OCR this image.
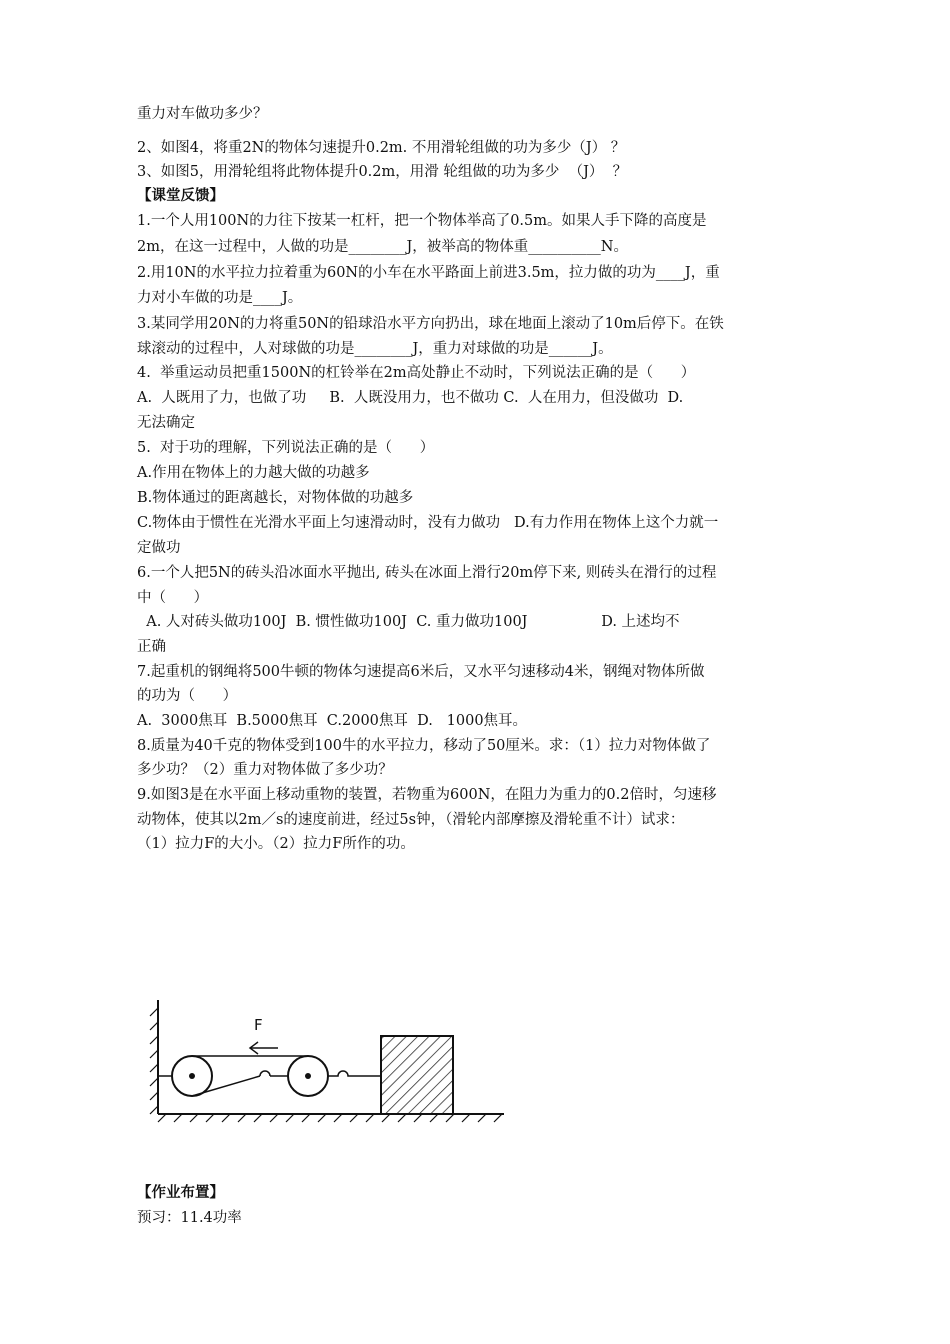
重力对车做功多少？
2、如图4，将重2N的物体匀速提升0.2m. 不用滑轮组做的功为多少（J） ？
3、如图5，用滑轮组将此物体提升0.2m，用滑 轮组做的功为多少  （J）  ？
【课堂反馈】
1.一个人用100N的力往下按某一杠杆，把一个物体举高了0.5m。如果人手下降的高度是
2m，在这一过程中，人做的功是________J，被举高的物体重__________N。
2.用10N的水平拉力拉着重为60N的小车在水平路面上前进3.5m，拉力做的功为____J，重
力对小车做的功是____J。
3.某同学用20N的力将重50N的铅球沿水平方向扔出，球在地面上滚动了10m后停下。在铁
球滚动的过程中，人对球做的功是________J，重力对球做的功是______J。
4.  举重运动员把重1500N的杠铃举在2m高处静止不动时，下列说法正确的是（      ）
A.  人既用了力，也做了功     B.  人既没用力，也不做功 C.  人在用力，但没做功  D.
无法确定
5.  对于功的理解，下列说法正确的是（      ）
A.作用在物体上的力越大做的功越多
B.物体通过的距离越长，对物体做的功越多
C.物体由于惯性在光滑水平面上匀速滑动时，没有力做功   D.有力作用在物体上这个力就一
定做功
6.一个人把5N的砖头沿冰面水平抛出, 砖头在冰面上滑行20m停下来, 则砖头在滑行的过程
中（      ）
A. 人对砖头做功100J  B. 惯性做功100J  C. 重力做功100J                D. 上述均不
正确
7.起重机的钢绳将500牛顿的物体匀速提高6米后，又水平匀速移动4米，钢绳对物体所做
的功为（      ）
A.  3000焦耳  B.5000焦耳  C.2000焦耳  D.   1000焦耳。
8.质量为40千克的物体受到100牛的水平拉力，移动了50厘米。求：（1）拉力对物体做了
多少功？（2）重力对物体做了多少功？
9.如图3是在水平面上移动重物的装置，若物重为600N，在阻力为重力的0.2倍时，匀速移
动物体，使其以2m／s的速度前进，经过5s钟，（滑轮内部摩擦及滑轮重不计）试求：
（1）拉力F的大小。（2）拉力F所作的功。
【作业布置】
预习：11.4功率
F
